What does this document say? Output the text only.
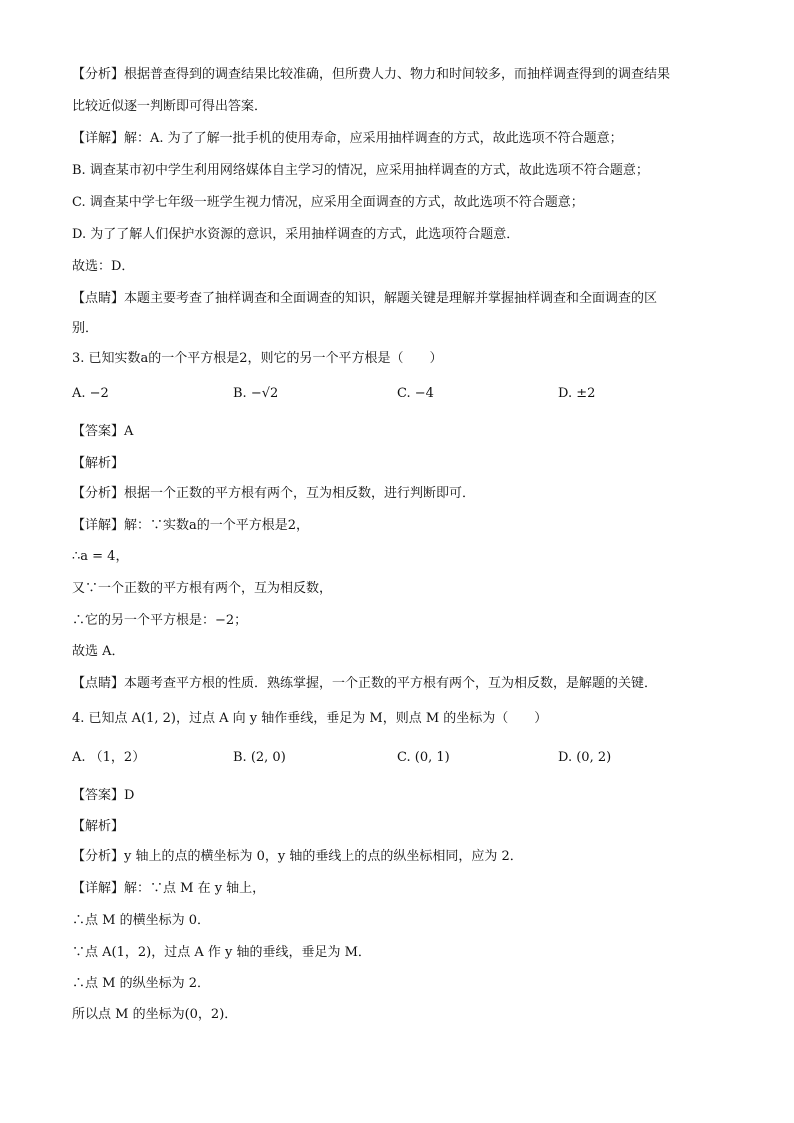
【分析】根据普查得到的调查结果比较准确，但所费人力、物力和时间较多，而抽样调查得到的调查结果
比较近似逐一判断即可得出答案．
【详解】解：A. 为了了解一批手机的使用寿命，应采用抽样调查的方式，故此选项不符合题意；
B. 调查某市初中学生利用网络媒体自主学习的情况，应采用抽样调查的方式，故此选项不符合题意；
C. 调查某中学七年级一班学生视力情况，应采用全面调查的方式，故此选项不符合题意；
D. 为了了解人们保护水资源的意识，采用抽样调查的方式，此选项符合题意．
故选：D．
【点睛】本题主要考查了抽样调查和全面调查的知识，解题关键是理解并掌握抽样调查和全面调查的区
别．
3. 已知实数a的一个平方根是2，则它的另一个平方根是（　　）
A. −2	B. −√2	C. −4	D. ±2
【答案】A
【解析】
【分析】根据一个正数的平方根有两个，互为相反数，进行判断即可．
【详解】解：∵实数a的一个平方根是2，
∴a = 4，
又∵一个正数的平方根有两个，互为相反数，
∴它的另一个平方根是：−2；
故选 A．
【点睛】本题考查平方根的性质．熟练掌握，一个正数的平方根有两个，互为相反数，是解题的关键．
4. 已知点 A(1, 2)，过点 A 向 y 轴作垂线，垂足为 M，则点 M 的坐标为（　　）
A. （1，2）	B. (2, 0)	C. (0, 1)	D. (0, 2)
【答案】D
【解析】
【分析】y 轴上的点的横坐标为 0，y 轴的垂线上的点的纵坐标相同，应为 2．
【详解】解：∵点 M 在 y 轴上，
∴点 M 的横坐标为 0．
∵点 A(1，2)，过点 A 作 y 轴的垂线，垂足为 M．
∴点 M 的纵坐标为 2．
所以点 M 的坐标为(0，2)．
